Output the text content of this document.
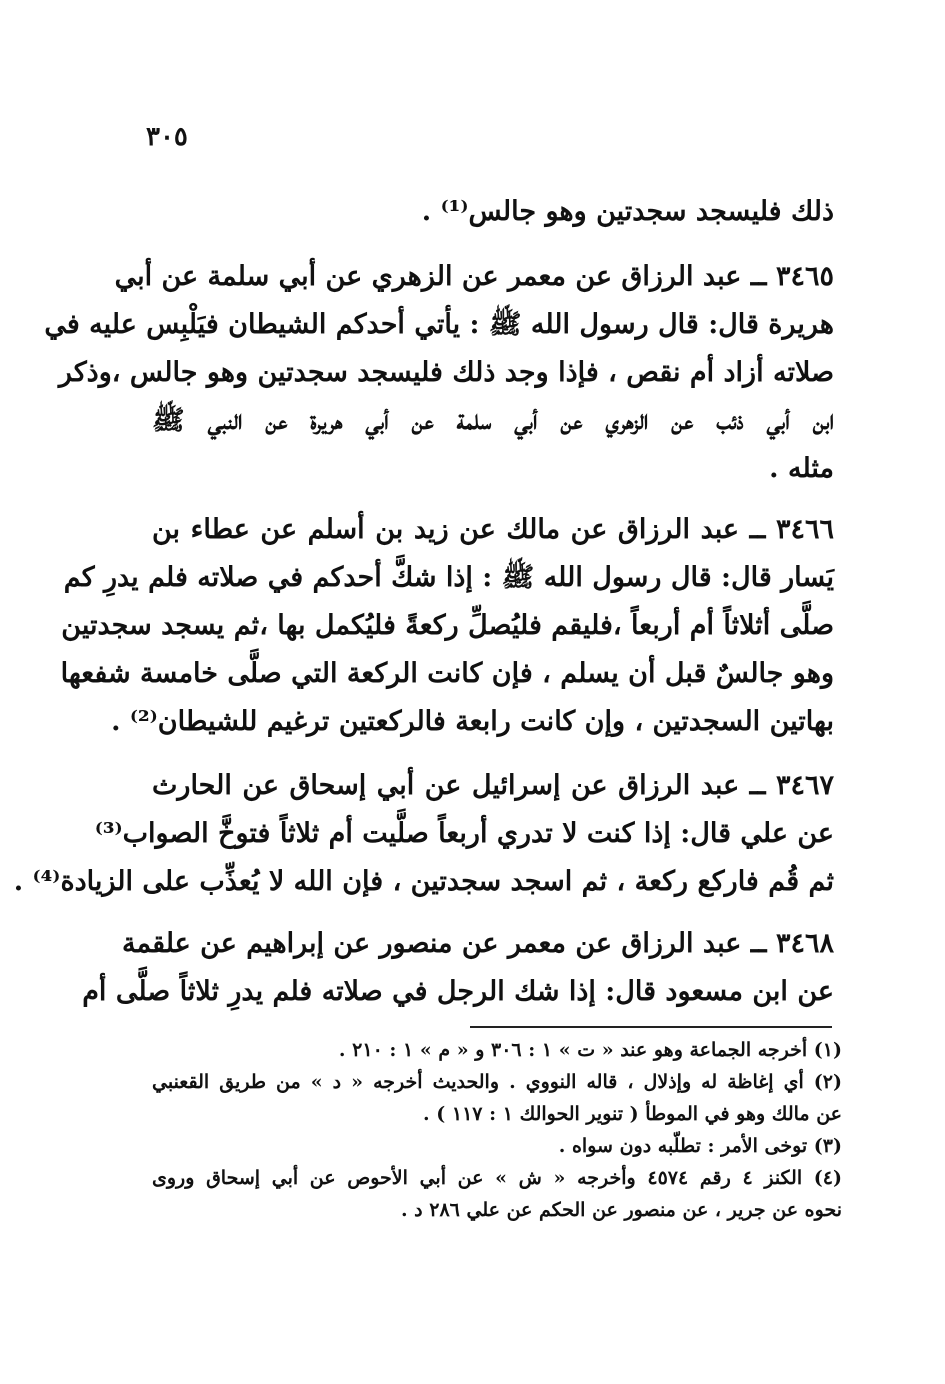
٣٠٥
ذلك فليسجد سجدتين وهو جالس⁽¹⁾ .
٣٤٦٥ ــ عبد الرزاق عن معمر عن الزهري عن أبي سلمة عن أبي
هريرة قال: قال رسول الله ﷺ : يأتي أحدكم الشيطان فيَلْبِس عليه في
صلاته أزاد أم نقص ، فإذا وجد ذلك فليسجد سجدتين وهو جالس ،وذكر
ابن أبي ذئب عن الزهري عن أبي سلمة عن أبي هريرة عن النبي ﷺ
مثله .
٣٤٦٦ ــ عبد الرزاق عن مالك عن زيد بن أسلم عن عطاء بن
يَسار قال: قال رسول الله ﷺ : إذا شكَّ أحدكم في صلاته فلم يدرِ كم
صلَّى أثلاثاً أم أربعاً ،فليقم فليُصلِّ ركعةً فليُكمل بها ،ثم يسجد سجدتين
وهو جالسٌ قبل أن يسلم ، فإن كانت الركعة التي صلَّى خامسة شفعها
بهاتين السجدتين ، وإن كانت رابعة فالركعتين ترغيم للشيطان⁽²⁾ .
٣٤٦٧ ــ عبد الرزاق عن إسرائيل عن أبي إسحاق عن الحارث
عن علي قال: إذا كنت لا تدري أربعاً صلَّيت أم ثلاثاً فتوخَّ الصواب⁽³⁾
ثم قُم فاركع ركعة ، ثم اسجد سجدتين ، فإن الله لا يُعذِّب على الزيادة⁽⁴⁾ .
٣٤٦٨ ــ عبد الرزاق عن معمر عن منصور عن إبراهيم عن علقمة
عن ابن مسعود قال: إذا شك الرجل في صلاته فلم يدرِ ثلاثاً صلَّى أم
(١) أخرجه الجماعة وهو عند « ت » ١ : ٣٠٦ و « م » ١ : ٢١٠ .
(٢) أي إغاظة له وإذلال ، قاله النووي . والحديث أخرجه « د » من طريق القعنبي
عن مالك وهو في الموطأ ( تنوير الحوالك ١ : ١١٧ ) .
(٣) توخى الأمر : تطلّبه دون سواه .
(٤) الكنز ٤ رقم ٤٥٧٤ وأخرجه « ش » عن أبي الأحوص عن أبي إسحاق وروى
نحوه عن جرير ، عن منصور عن الحكم عن علي ٢٨٦ د .
